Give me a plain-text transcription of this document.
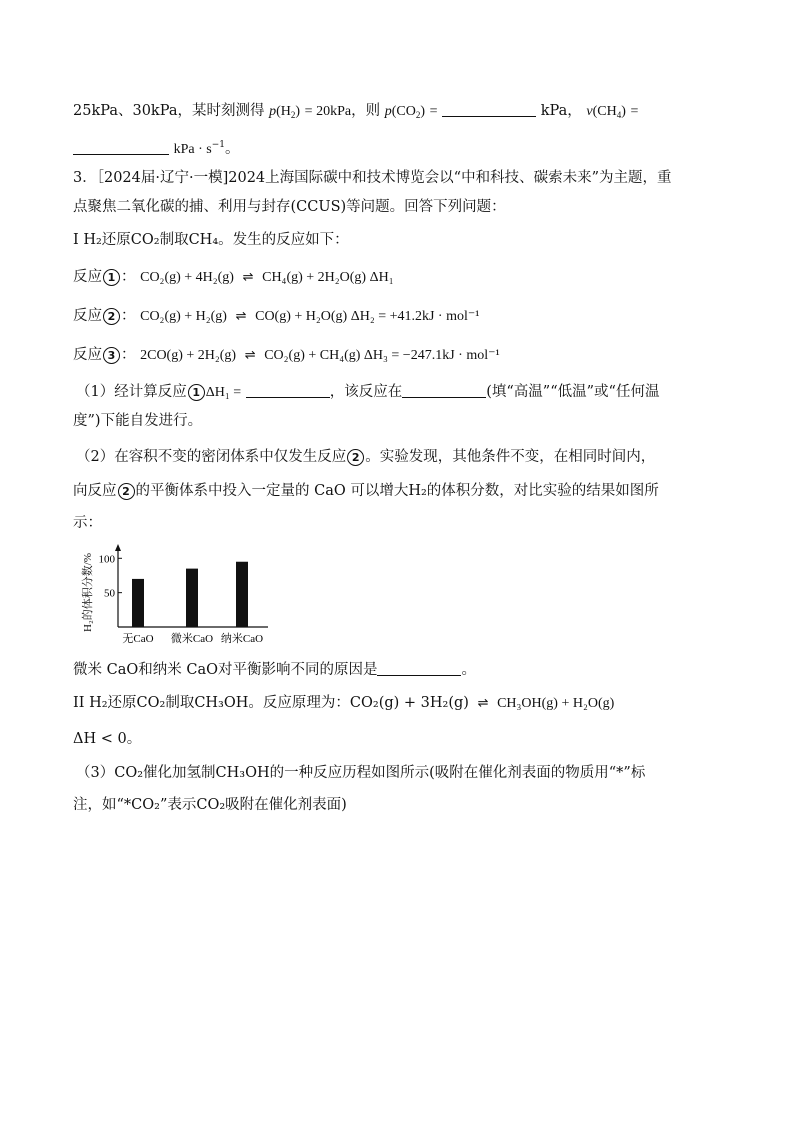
25kPa、30kPa，某时刻测得 $p(H_2) = 20kPa$，则 $p(CO_2)$ =	kPa， $v(CH_4)$ =
kPa · $s^{-1}$。
3．［2024届·辽宁·一模]2024上海国际碳中和技术博览会以“中和科技、碳索未来”为主题，重
点聚焦二氧化碳的捕、利用与封存(CCUS)等问题。回答下列问题：
I H₂还原CO₂制取CH₄。发生的反应如下：
反应 1 ： CO₂(g) + 4H₂(g) ⇌ CH₄(g) + 2H₂O(g) ΔH₁
反应 2 ： CO₂(g) + H₂(g) ⇌ CO(g) + H₂O(g) ΔH₂ = +41.2kJ · mol⁻¹
反应 3 ： 2CO(g) + 2H₂(g) ⇌ CO₂(g) + CH₄(g) ΔH₃ = −247.1kJ · mol⁻¹
（1）经计算反应 1 ΔH₁ =	，该反应在	(填“高温”“低温”或“任何温
度”)下能自发进行。
（2）在容积不变的密闭体系中仅发生反应 2 。实验发现，其他条件不变，在相同时间内，
向反应 2 的平衡体系中投入一定量的 CaO 可以增大H₂的体积分数，对比实验的结果如图所
示：
H₂的体积分数/% 50
100
无CaO 微米CaO 纳米CaO
微米 CaO和纳米 CaO对平衡影响不同的原因是	。
II H₂还原CO₂制取CH₃OH。反应原理为：CO₂(g) + 3H₂(g) ⇌ CH₃OH(g) + H₂O(g)
ΔH < 0。
（3）CO₂催化加氢制CH₃OH的一种反应历程如图所示(吸附在催化剂表面的物质用“*”标
注，如“*CO₂”表示CO₂吸附在催化剂表面)
